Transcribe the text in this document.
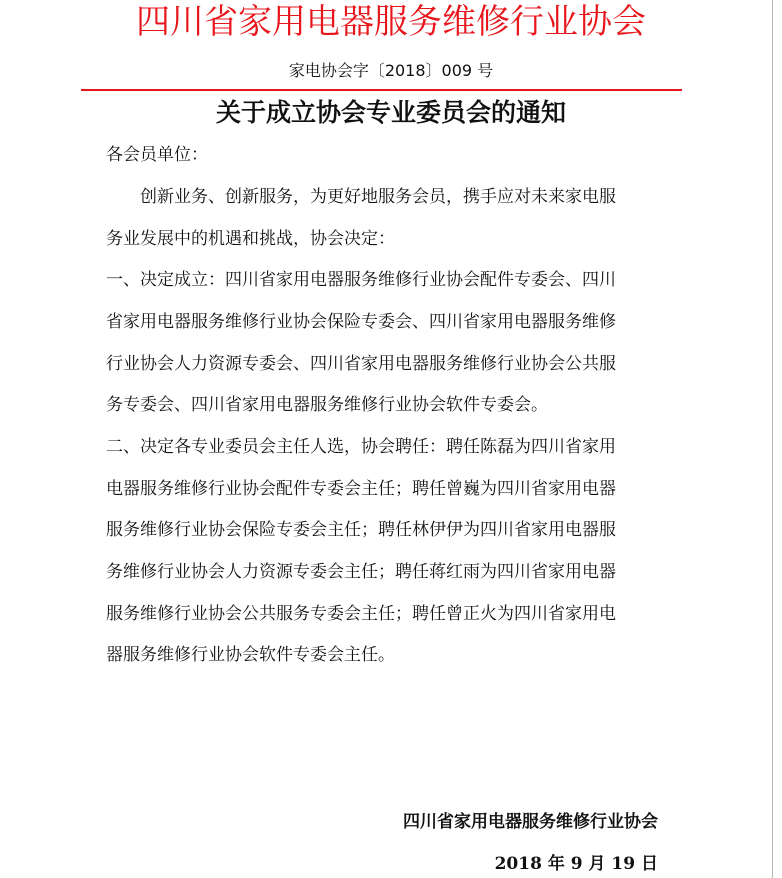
四川省家用电器服务维修行业协会
家电协会字〔2018〕009 号
关于成立协会专业委员会的通知
各会员单位：
　　创新业务、创新服务，为更好地服务会员，携手应对未来家电服
务业发展中的机遇和挑战，协会决定：
一、决定成立：四川省家用电器服务维修行业协会配件专委会、四川
省家用电器服务维修行业协会保险专委会、四川省家用电器服务维修
行业协会人力资源专委会、四川省家用电器服务维修行业协会公共服
务专委会、四川省家用电器服务维修行业协会软件专委会。
二、决定各专业委员会主任人选，协会聘任：聘任陈磊为四川省家用
电器服务维修行业协会配件专委会主任；聘任曾巍为四川省家用电器
服务维修行业协会保险专委会主任；聘任林伊伊为四川省家用电器服
务维修行业协会人力资源专委会主任；聘任蒋红雨为四川省家用电器
服务维修行业协会公共服务专委会主任；聘任曾正火为四川省家用电
器服务维修行业协会软件专委会主任。
四川省家用电器服务维修行业协会
2018 年 9 月 19 日
